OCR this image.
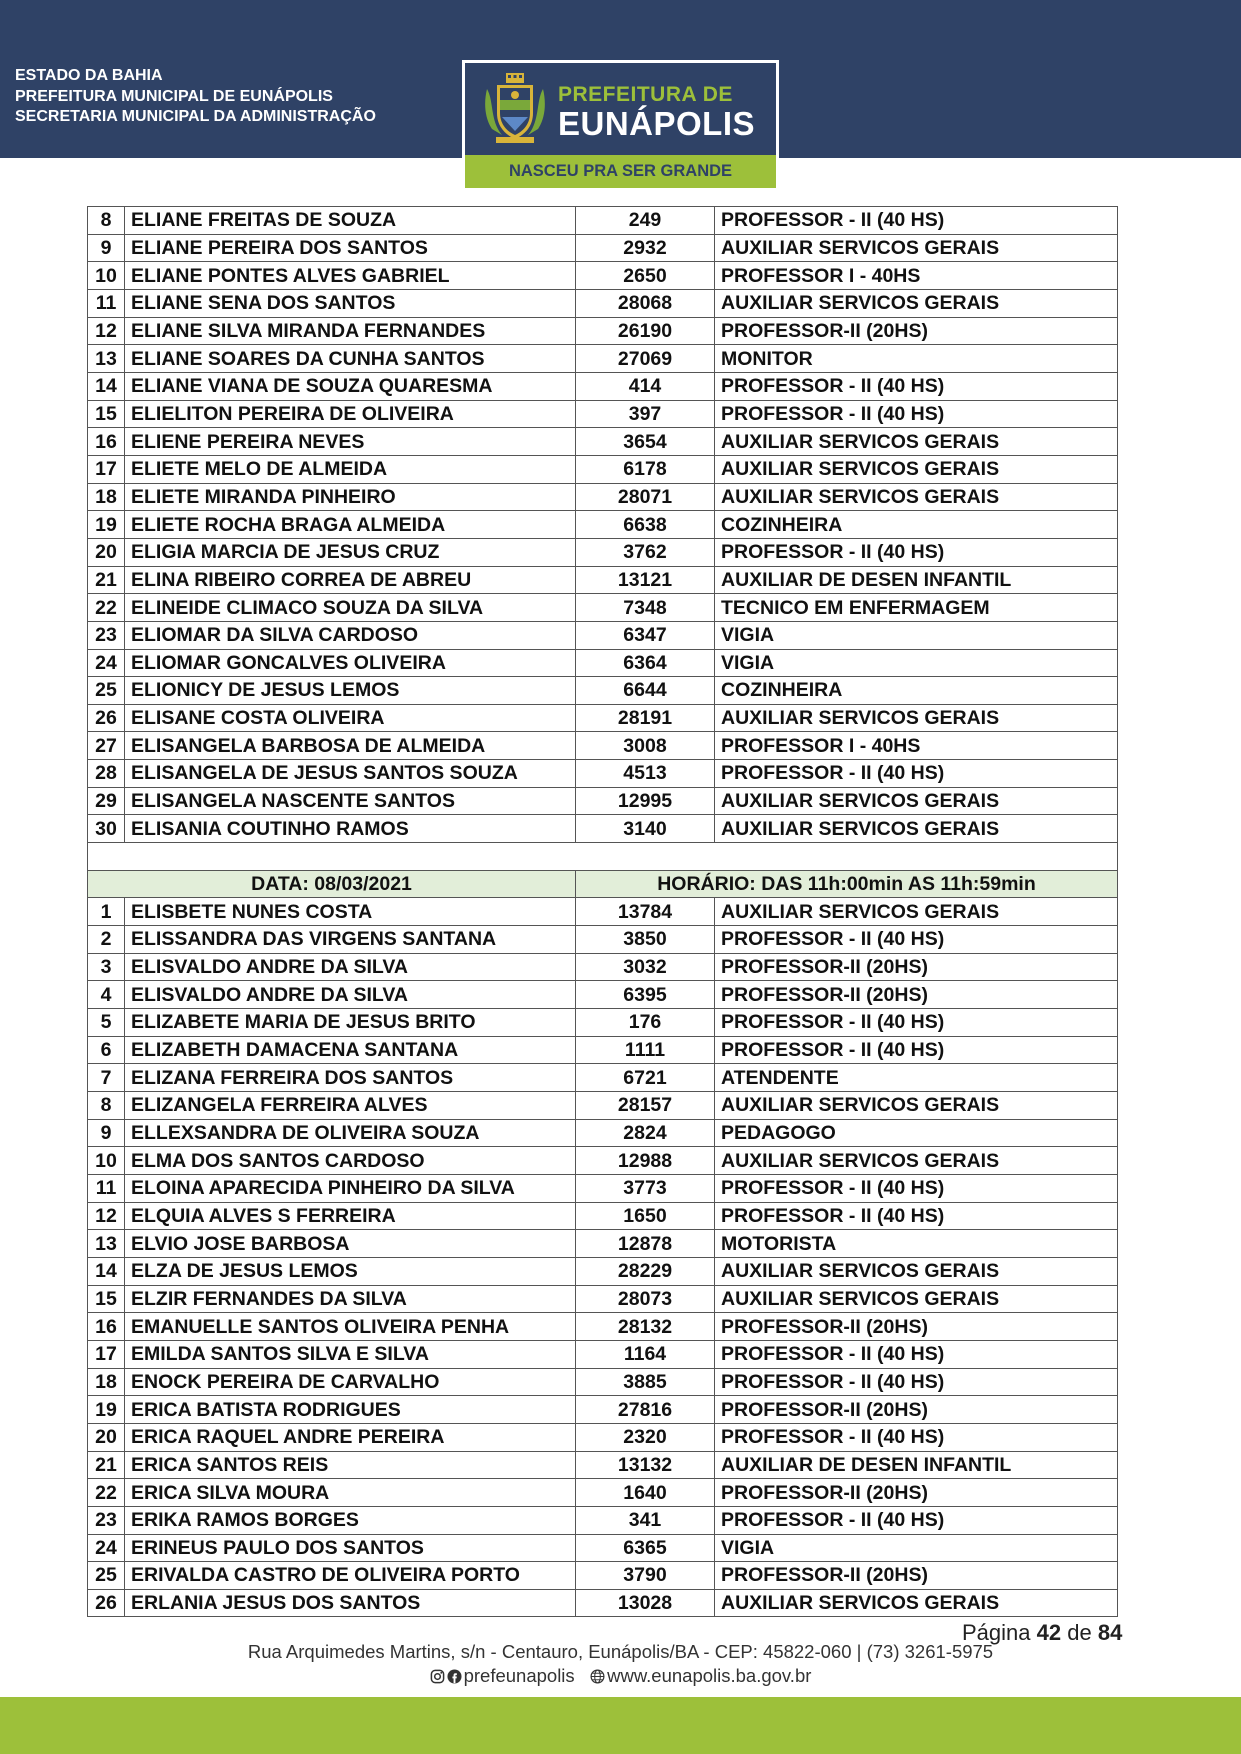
ESTADO DA BAHIA
PREFEITURA MUNICIPAL DE EUNÁPOLIS
SECRETARIA MUNICIPAL DA ADMINISTRAÇÃO
PREFEITURA DE
EUNÁPOLIS
NASCEU PRA SER GRANDE
8	ELIANE FREITAS DE SOUZA	249	PROFESSOR - II (40 HS)
9	ELIANE PEREIRA DOS SANTOS	2932	AUXILIAR SERVICOS GERAIS
10	ELIANE PONTES ALVES GABRIEL	2650	PROFESSOR I - 40HS
11	ELIANE SENA DOS SANTOS	28068	AUXILIAR SERVICOS GERAIS
12	ELIANE SILVA MIRANDA FERNANDES	26190	PROFESSOR-II (20HS)
13	ELIANE SOARES DA CUNHA SANTOS	27069	MONITOR
14	ELIANE VIANA DE SOUZA QUARESMA	414	PROFESSOR - II (40 HS)
15	ELIELITON PEREIRA DE OLIVEIRA	397	PROFESSOR - II (40 HS)
16	ELIENE PEREIRA NEVES	3654	AUXILIAR SERVICOS GERAIS
17	ELIETE MELO DE ALMEIDA	6178	AUXILIAR SERVICOS GERAIS
18	ELIETE MIRANDA PINHEIRO	28071	AUXILIAR SERVICOS GERAIS
19	ELIETE ROCHA BRAGA ALMEIDA	6638	COZINHEIRA
20	ELIGIA MARCIA DE JESUS CRUZ	3762	PROFESSOR - II (40 HS)
21	ELINA RIBEIRO CORREA DE ABREU	13121	AUXILIAR DE DESEN INFANTIL
22	ELINEIDE CLIMACO SOUZA DA SILVA	7348	TECNICO EM ENFERMAGEM
23	ELIOMAR DA SILVA CARDOSO	6347	VIGIA
24	ELIOMAR GONCALVES OLIVEIRA	6364	VIGIA
25	ELIONICY DE JESUS LEMOS	6644	COZINHEIRA
26	ELISANE COSTA OLIVEIRA	28191	AUXILIAR SERVICOS GERAIS
27	ELISANGELA BARBOSA DE ALMEIDA	3008	PROFESSOR I - 40HS
28	ELISANGELA DE JESUS SANTOS SOUZA	4513	PROFESSOR - II (40 HS)
29	ELISANGELA NASCENTE SANTOS	12995	AUXILIAR SERVICOS GERAIS
30	ELISANIA COUTINHO RAMOS	3140	AUXILIAR SERVICOS GERAIS

DATA: 08/03/2021		HORÁRIO: DAS 11h:00min AS 11h:59min	
1	ELISBETE NUNES COSTA	13784	AUXILIAR SERVICOS GERAIS
2	ELISSANDRA DAS VIRGENS SANTANA	3850	PROFESSOR - II (40 HS)
3	ELISVALDO ANDRE DA SILVA	3032	PROFESSOR-II (20HS)
4	ELISVALDO ANDRE DA SILVA	6395	PROFESSOR-II (20HS)
5	ELIZABETE MARIA DE JESUS BRITO	176	PROFESSOR - II (40 HS)
6	ELIZABETH DAMACENA SANTANA	1111	PROFESSOR - II (40 HS)
7	ELIZANA FERREIRA DOS SANTOS	6721	ATENDENTE
8	ELIZANGELA FERREIRA ALVES	28157	AUXILIAR SERVICOS GERAIS
9	ELLEXSANDRA DE OLIVEIRA SOUZA	2824	PEDAGOGO
10	ELMA DOS SANTOS CARDOSO	12988	AUXILIAR SERVICOS GERAIS
11	ELOINA APARECIDA PINHEIRO DA SILVA	3773	PROFESSOR - II (40 HS)
12	ELQUIA ALVES S FERREIRA	1650	PROFESSOR - II (40 HS)
13	ELVIO JOSE BARBOSA	12878	MOTORISTA
14	ELZA DE JESUS LEMOS	28229	AUXILIAR SERVICOS GERAIS
15	ELZIR FERNANDES DA SILVA	28073	AUXILIAR SERVICOS GERAIS
16	EMANUELLE SANTOS OLIVEIRA PENHA	28132	PROFESSOR-II (20HS)
17	EMILDA SANTOS SILVA E SILVA	1164	PROFESSOR - II (40 HS)
18	ENOCK PEREIRA DE CARVALHO	3885	PROFESSOR - II (40 HS)
19	ERICA BATISTA RODRIGUES	27816	PROFESSOR-II (20HS)
20	ERICA RAQUEL ANDRE PEREIRA	2320	PROFESSOR - II (40 HS)
21	ERICA SANTOS REIS	13132	AUXILIAR DE DESEN INFANTIL
22	ERICA SILVA MOURA	1640	PROFESSOR-II (20HS)
23	ERIKA RAMOS BORGES	341	PROFESSOR - II (40 HS)
24	ERINEUS PAULO DOS SANTOS	6365	VIGIA
25	ERIVALDA CASTRO DE OLIVEIRA PORTO	3790	PROFESSOR-II (20HS)
26	ERLANIA JESUS DOS SANTOS	13028	AUXILIAR SERVICOS GERAIS
Página 42 de 84
Rua Arquimedes Martins, s/n - Centauro, Eunápolis/BA - CEP: 45822-060 | (73) 3261-5975
prefeunapolis www.eunapolis.ba.gov.br
